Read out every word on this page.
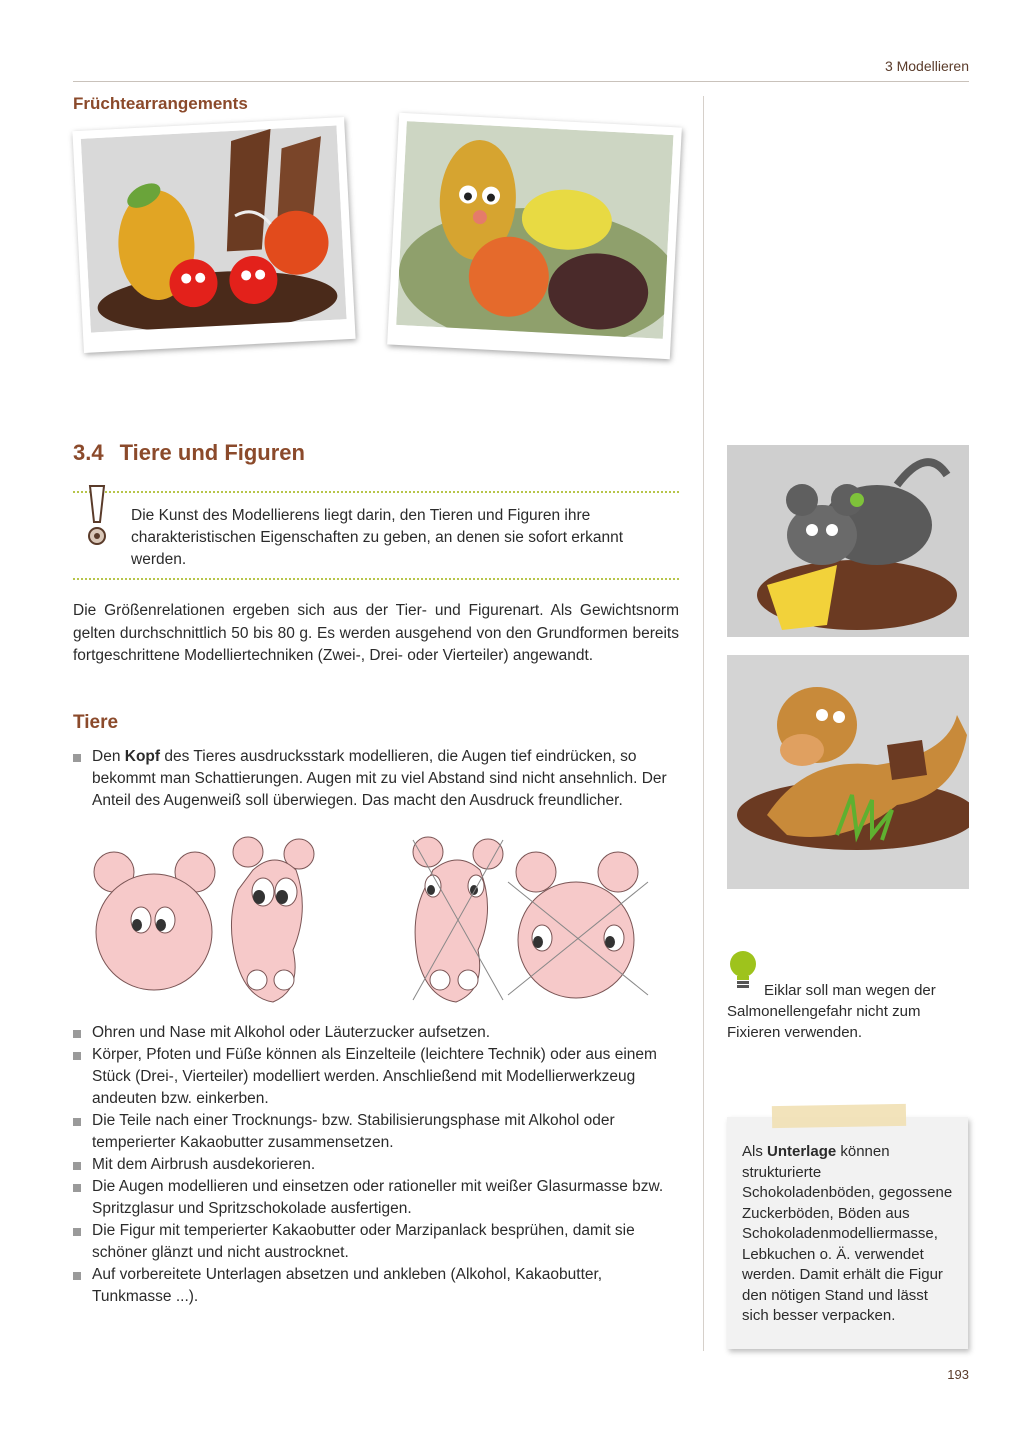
3 Modellieren
Früchtearrangements
3.4 Tiere und Figuren
Die Kunst des Modellierens liegt darin, den Tieren und Figuren ihre charakteristischen Eigenschaften zu geben, an denen sie sofort erkannt werden.
Die Größenrelationen ergeben sich aus der Tier- und Figurenart. Als Gewichtsnorm gelten durchschnittlich 50 bis 80 g. Es werden ausgehend von den Grundformen bereits fortgeschrittene Modelliertechniken (Zwei-, Drei- oder Vierteiler) angewandt.
Tiere
Den Kopf des Tieres ausdrucksstark modellieren, die Augen tief eindrücken, so bekommt man Schattierungen. Augen mit zu viel Abstand sind nicht ansehnlich. Der Anteil des Augenweiß soll überwiegen. Das macht den Ausdruck freundlicher.
Ohren und Nase mit Alkohol oder Läuterzucker aufsetzen.
Körper, Pfoten und Füße können als Einzelteile (leichtere Technik) oder aus einem Stück (Drei-, Vierteiler) modelliert werden. Anschließend mit Modellierwerkzeug andeuten bzw. einkerben.
Die Teile nach einer Trocknungs- bzw. Stabilisierungsphase mit Alkohol oder temperierter Kakaobutter zusammensetzen.
Mit dem Airbrush ausdekorieren.
Die Augen modellieren und einsetzen oder rationeller mit weißer Glasurmasse bzw. Spritzglasur und Spritzschokolade ausfertigen.
Die Figur mit temperierter Kakaobutter oder Marzipanlack besprühen, damit sie schöner glänzt und nicht austrocknet.
Auf vorbereitete Unterlagen absetzen und ankleben (Alkohol, Kakaobutter, Tunkmasse ...).
Eiklar soll man wegen der Salmonellengefahr nicht zum Fixieren verwenden.
Als Unterlage können strukturierte Schokoladenböden, gegossene Zuckerböden, Böden aus Schokoladenmodelliermasse, Lebkuchen o. Ä. verwendet werden. Damit erhält die Figur den nötigen Stand und lässt sich besser verpacken.
193
